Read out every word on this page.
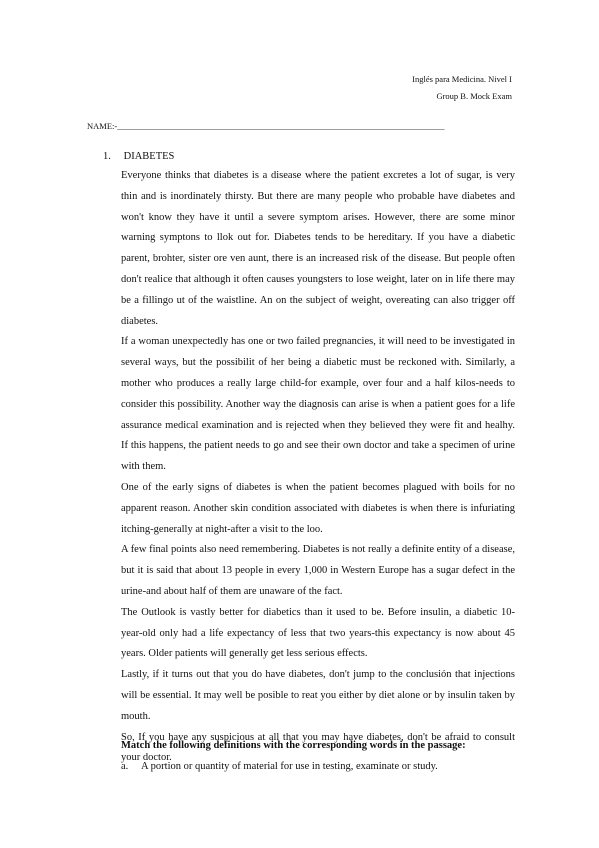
Inglés para Medicina. Nivel I
Group B. Mock Exam
NAME:-_____________________________________________________________________________
1. DIABETES

Everyone thinks that diabetes is a disease where the patient excretes a lot of sugar, is very thin and is inordinately thirsty. But there are many people who probable have diabetes and won't know they have it until a severe symptom arises. However, there are some minor warning symptons to llok out for. Diabetes tends to be hereditary. If you have a diabetic parent, brohter, sister ore ven aunt, there is an increased risk of the disease. But people often don't realice that although it often causes youngsters to lose weight, later on in life there may be a fillingo ut of the waistline. An on the subject of weight, overeating can also trigger off diabetes.

If a woman unexpectedly has one or two failed pregnancies, it will need to be investigated in several ways, but the possibilit of her being a diabetic must be reckoned with. Similarly, a mother who produces a really large child-for example, over four and a half kilos-needs to consider this possibility. Another way the diagnosis can arise is when a patient goes for a life assurance medical examination and is rejected when they believed they were fit and healhy. If this happens, the patient needs to go and see their own doctor and take a specimen of urine with them.

One of the early signs of diabetes is when the patient becomes plagued with boils for no apparent reason. Another skin condition associated with diabetes is when there is infuriating itching-generally at night-after a visit to the loo.

A few final points also need remembering. Diabetes is not really a definite entity of a disease, but it is said that about 13 people in every 1,000 in Western Europe has a sugar defect in the urine-and about half of them are unaware of the fact.

The Outlook is vastly better for diabetics than it used to be. Before insulin, a diabetic 10-year-old only had a life expectancy of less that two years-this expectancy is now about 45 years. Older patients will generally get less serious effects.

Lastly, if it turns out that you do have diabetes, don't jump to the conclusión that injections will be essential. It may well be posible to reat you either by diet alone or by insulin taken by mouth.

So, If you have any suspicious at all that you may have diabetes, don't be afraid to consult your doctor.

Match the following definitions with the corresponding words in the passage:
a. A portion or quantity of material for use in testing, examinate or study.
